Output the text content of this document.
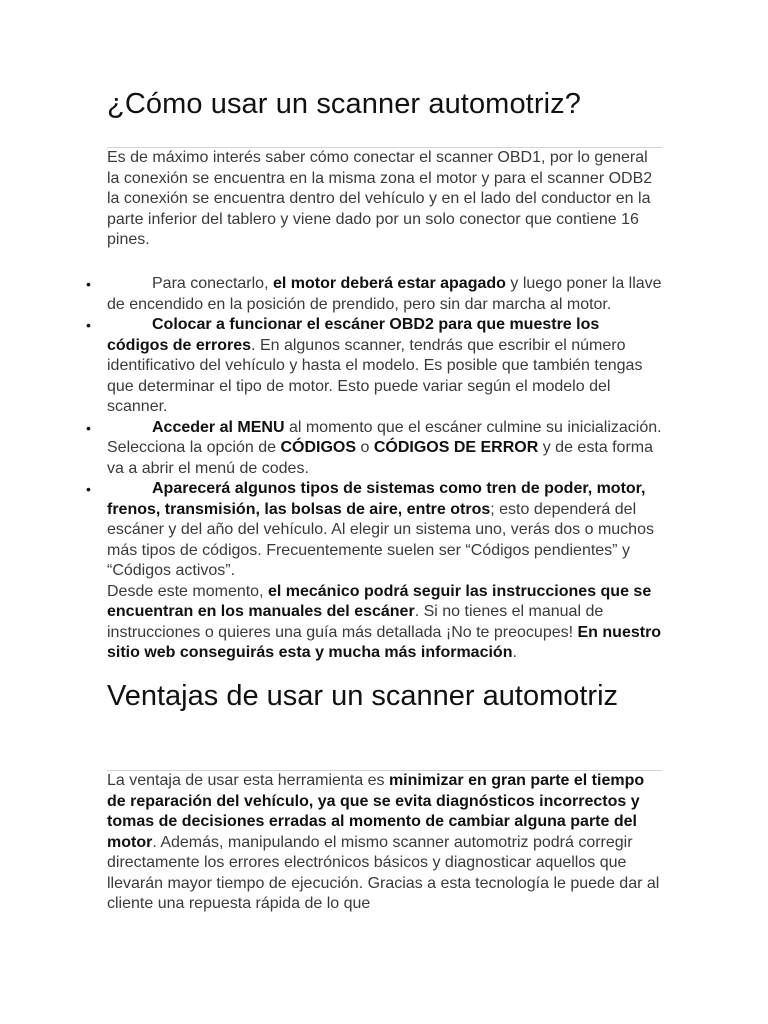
¿Cómo usar un scanner automotriz?

Es de máximo interés saber cómo conectar el scanner OBD1, por lo general la conexión se encuentra en la misma zona el motor y para el scanner ODB2 la conexión se encuentra dentro del vehículo y en el lado del conductor en la parte inferior del tablero y viene dado por un solo conector que contiene 16 pines.

•	Para conectarlo, el motor deberá estar apagado y luego poner la llave de encendido en la posición de prendido, pero sin dar marcha al motor.
•	Colocar a funcionar el escáner OBD2 para que muestre los códigos de errores. En algunos scanner, tendrás que escribir el número identificativo del vehículo y hasta el modelo. Es posible que también tengas que determinar el tipo de motor. Esto puede variar según el modelo del scanner.
•	Acceder al MENU al momento que el escáner culmine su inicialización. Selecciona la opción de CÓDIGOS o CÓDIGOS DE ERROR y de esta forma va a abrir el menú de codes.
•	Aparecerá algunos tipos de sistemas como tren de poder, motor, frenos, transmisión, las bolsas de aire, entre otros; esto dependerá del escáner y del año del vehículo. Al elegir un sistema uno, verás dos o muchos más tipos de códigos. Frecuentemente suelen ser “Códigos pendientes” y “Códigos activos”.
Desde este momento, el mecánico podrá seguir las instrucciones que se encuentran en los manuales del escáner. Si no tienes el manual de instrucciones o quieres una guía más detallada ¡No te preocupes! En nuestro sitio web conseguirás esta y mucha más información.
Ventajas de usar un scanner automotriz

La ventaja de usar esta herramienta es minimizar en gran parte el tiempo de reparación del vehículo, ya que se evita diagnósticos incorrectos y tomas de decisiones erradas al momento de cambiar alguna parte del motor. Además, manipulando el mismo scanner automotriz podrá corregir directamente los errores electrónicos básicos y diagnosticar aquellos que llevarán mayor tiempo de ejecución. Gracias a esta tecnología le puede dar al cliente una repuesta rápida de lo que
